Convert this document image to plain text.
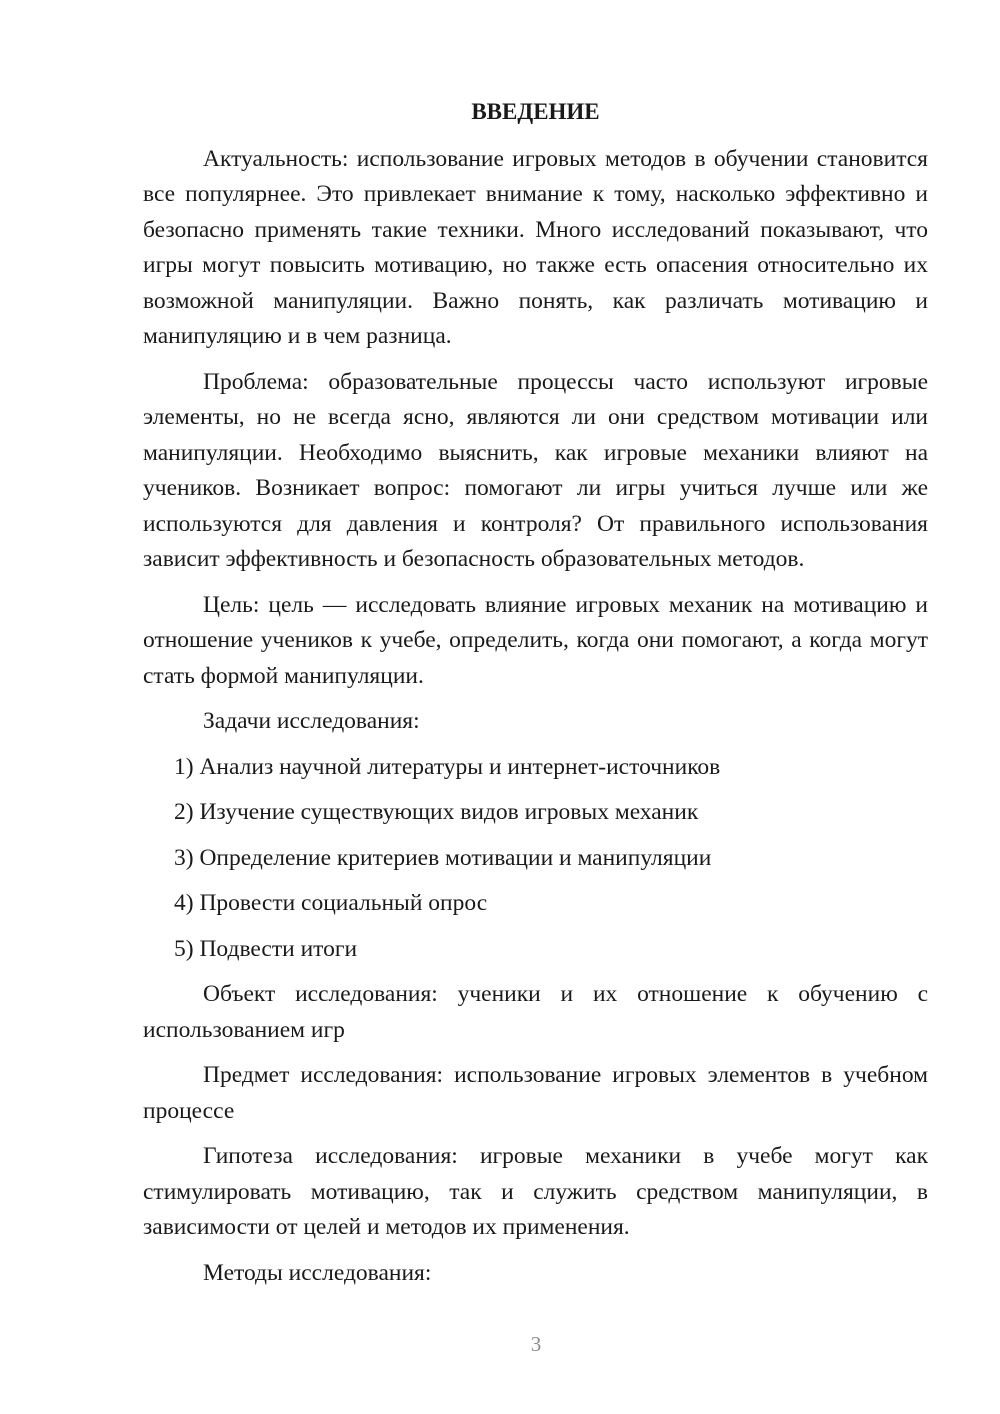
ВВЕДЕНИЕ

Актуальность: использование игровых методов в обучении становится все популярнее. Это привлекает внимание к тому, насколько эффективно и безопасно применять такие техники. Много исследований показывают, что игры могут повысить мотивацию, но также есть опасения относительно их возможной манипуляции. Важно понять, как различать мотивацию и манипуляцию и в чем разница.

Проблема: образовательные процессы часто используют игровые элементы, но не всегда ясно, являются ли они средством мотивации или манипуляции. Необходимо выяснить, как игровые механики влияют на учеников. Возникает вопрос: помогают ли игры учиться лучше или же используются для давления и контроля? От правильного использования зависит эффективность и безопасность образовательных методов.

Цель: цель — исследовать влияние игровых механик на мотивацию и отношение учеников к учебе, определить, когда они помогают, а когда могут стать формой манипуляции.

Задачи исследования:

1) Анализ научной литературы и интернет-источников
2) Изучение существующих видов игровых механик
3) Определение критериев мотивации и манипуляции
4) Провести социальный опрос
5) Подвести итоги

Объект исследования: ученики и их отношение к обучению с использованием игр

Предмет исследования: использование игровых элементов в учебном процессе

Гипотеза исследования: игровые механики в учебе могут как стимулировать мотивацию, так и служить средством манипуляции, в зависимости от целей и методов их применения.

Методы исследования:

3
